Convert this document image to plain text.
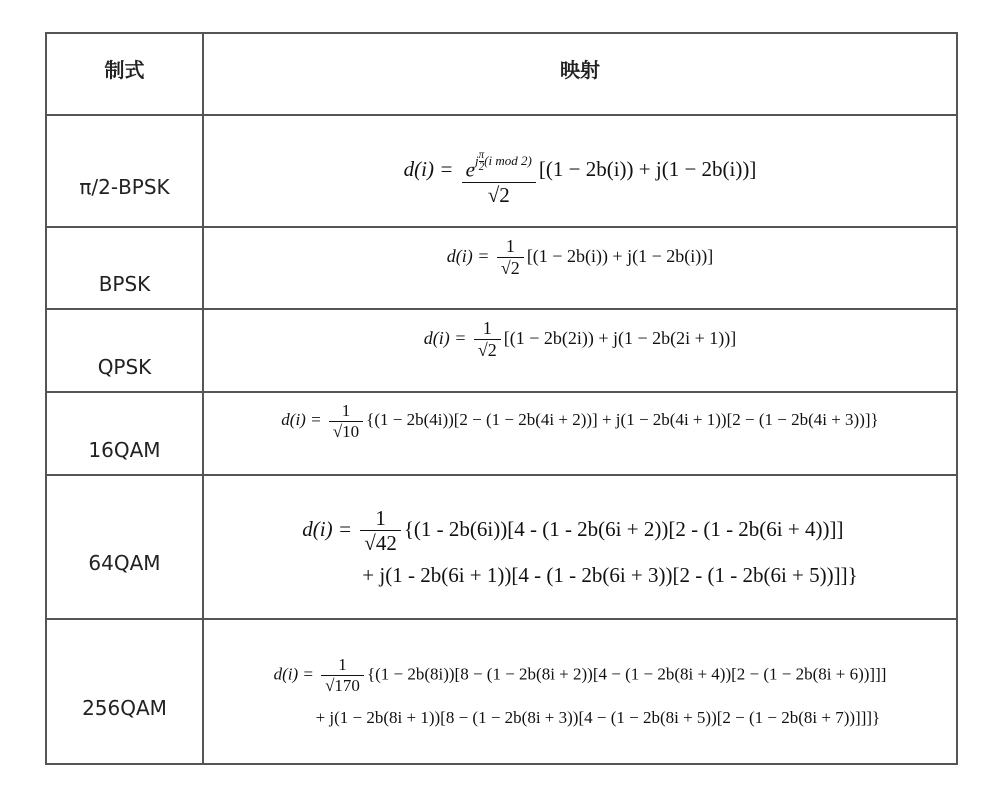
制式	映射
π/2-BPSK	$d(i) = e^{j \frac{\pi}{2} (i mod 2)}$
√2 [(1 − 2b(i)) + j(1 − 2b(i))]
BPSK	$d(i) = \frac{1}{√2} [(1 - 2b(i)) + j(1 - 2b(i))]$
QPSK	$d(i) = \frac{1}{√2} [(1 - 2b(2i)) + j(1 - 2b(2i + 1))]$
16QAM	$d(i) = \frac{1}{√10} \{(1 - 2b(4i))[2 - (1 - 2b(4i + 2))] + j(1 - 2b(4i + 1))[2 - (1 - 2b(4i + 3))]\}$
64QAM	$d(i) = \frac{1}{√42} \{(1 - 2b(6i))[4 - (1 - 2b(6i + 2))[2 - (1 - 2b(6i + 4))]]$
+ j(1 - 2b(6i + 1))[4 - (1 - 2b(6i + 3))[2 - (1 - 2b(6i + 5))]]}

256QAM	$d(i) = \frac{1}{√170} \{(1 - 2b(8i))[8 - (1 - 2b(8i + 2))[4 - (1 - 2b(8i + 4))[2 - (1 - 2b(8i + 6))]]]$
+ j(1 − 2b(8i + 1))[8 − (1 − 2b(8i + 3))[4 − (1 − 2b(8i + 5))[2 − (1 − 2b(8i + 7))]]]}
